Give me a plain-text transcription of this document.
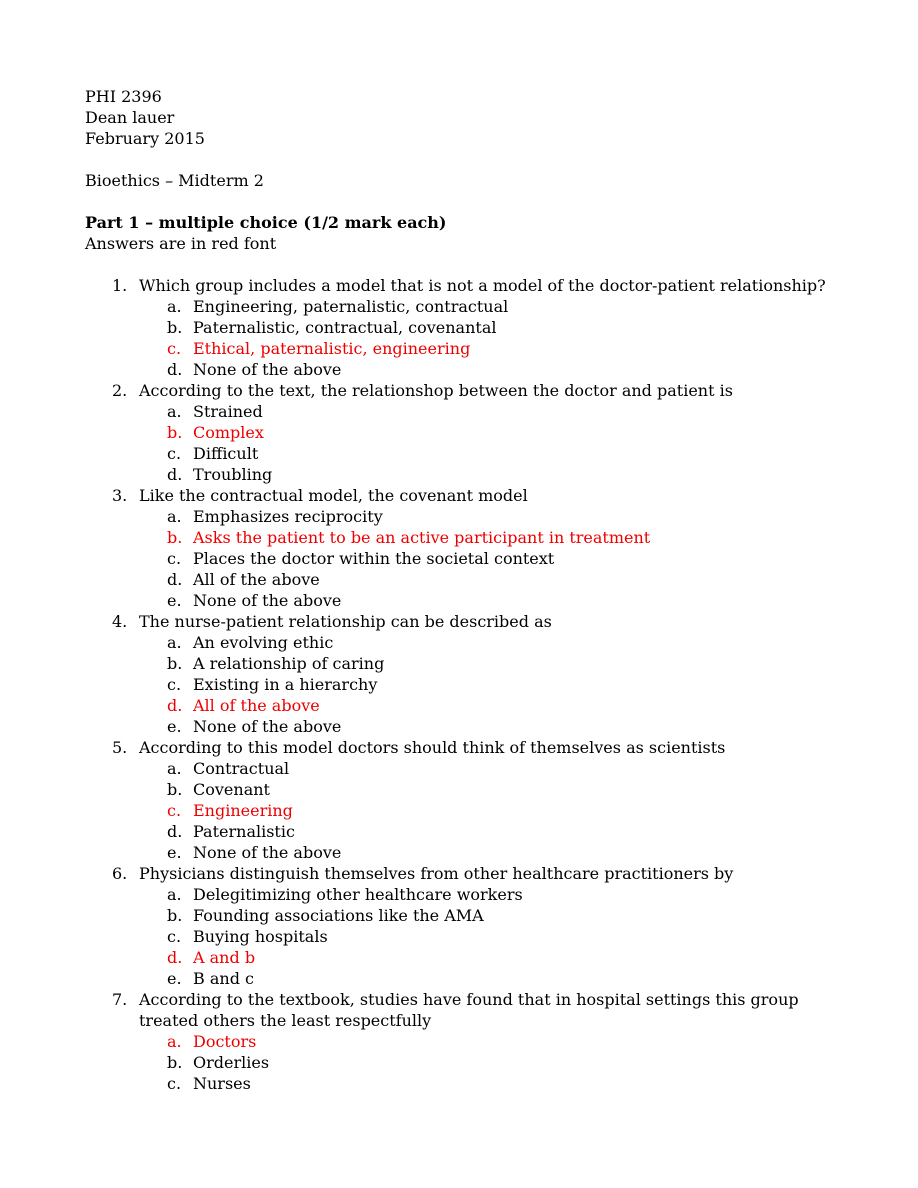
PHI 2396
Dean lauer
February 2015
Bioethics – Midterm 2
Part 1 – multiple choice (1/2 mark each)
Answers are in red font
1. Which group includes a model that is not a model of the doctor-patient relationship?
a. Engineering, paternalistic, contractual
b. Paternalistic, contractual, covenantal
c. Ethical, paternalistic, engineering
d. None of the above
2. According to the text, the relationshop between the doctor and patient is
a. Strained
b. Complex
c. Difficult
d. Troubling
3. Like the contractual model, the covenant model
a. Emphasizes reciprocity
b. Asks the patient to be an active participant in treatment
c. Places the doctor within the societal context
d. All of the above
e. None of the above
4. The nurse-patient relationship can be described as
a. An evolving ethic
b. A relationship of caring
c. Existing in a hierarchy
d. All of the above
e. None of the above
5. According to this model doctors should think of themselves as scientists
a. Contractual
b. Covenant
c. Engineering
d. Paternalistic
e. None of the above
6. Physicians distinguish themselves from other healthcare practitioners by
a. Delegitimizing other healthcare workers
b. Founding associations like the AMA
c. Buying hospitals
d. A and b
e. B and c
7. According to the textbook, studies have found that in hospital settings this group treated others the least respectfully
a. Doctors
b. Orderlies
c. Nurses
